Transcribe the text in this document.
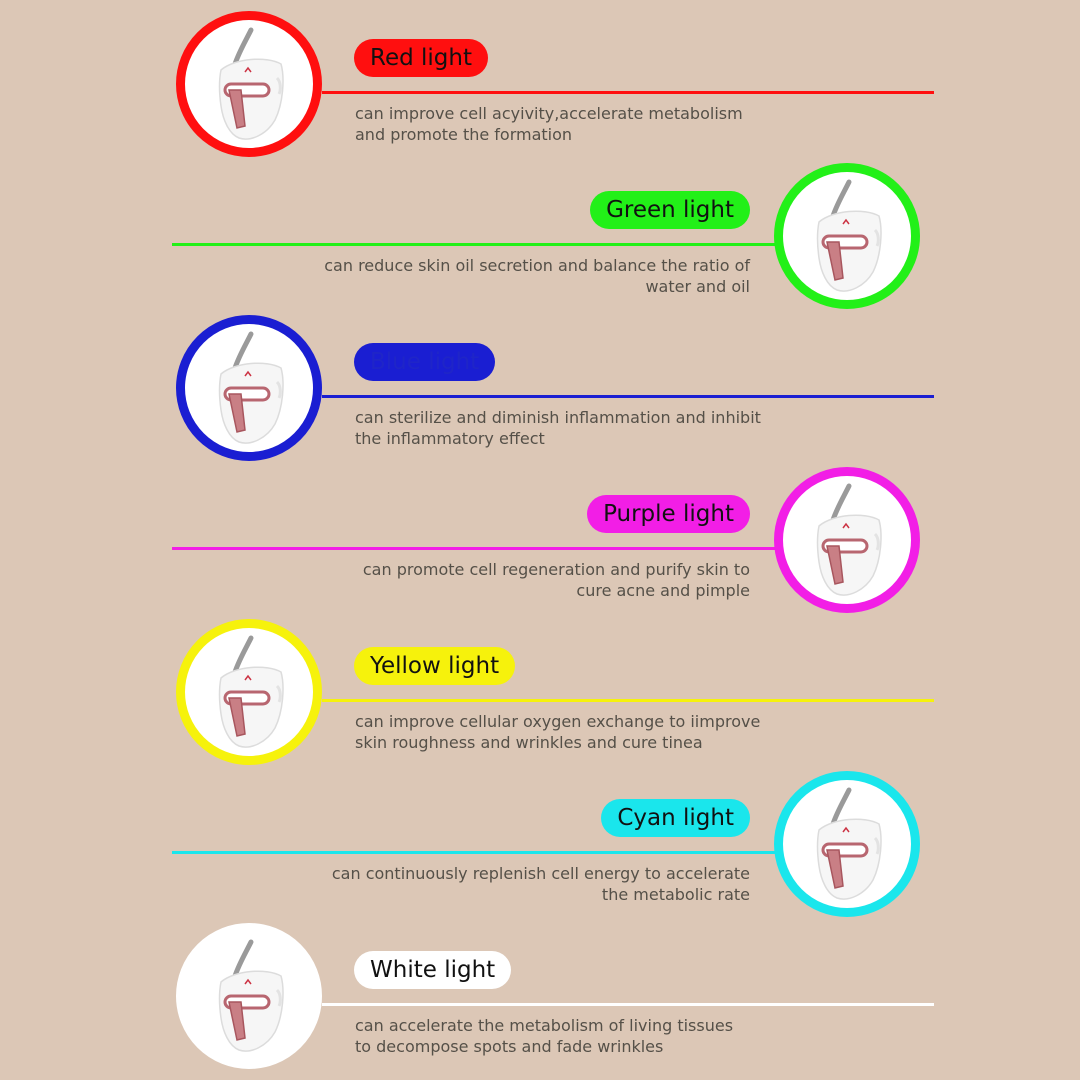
Red light
can improve cell acyivity,accelerate metabolism
and promote the formation
Green light
can reduce skin oil secretion and balance the ratio of
water and oil
Blue light
can sterilize and diminish inflammation and inhibit
the inflammatory effect
Purple light
can promote cell regeneration and purify skin to
cure acne and pimple
Yellow light
can improve cellular oxygen exchange to iimprove
skin roughness and wrinkles and cure tinea
Cyan light
can continuously replenish cell energy to accelerate
the metabolic rate
White light
can accelerate the metabolism of living tissues
to decompose spots and fade wrinkles
